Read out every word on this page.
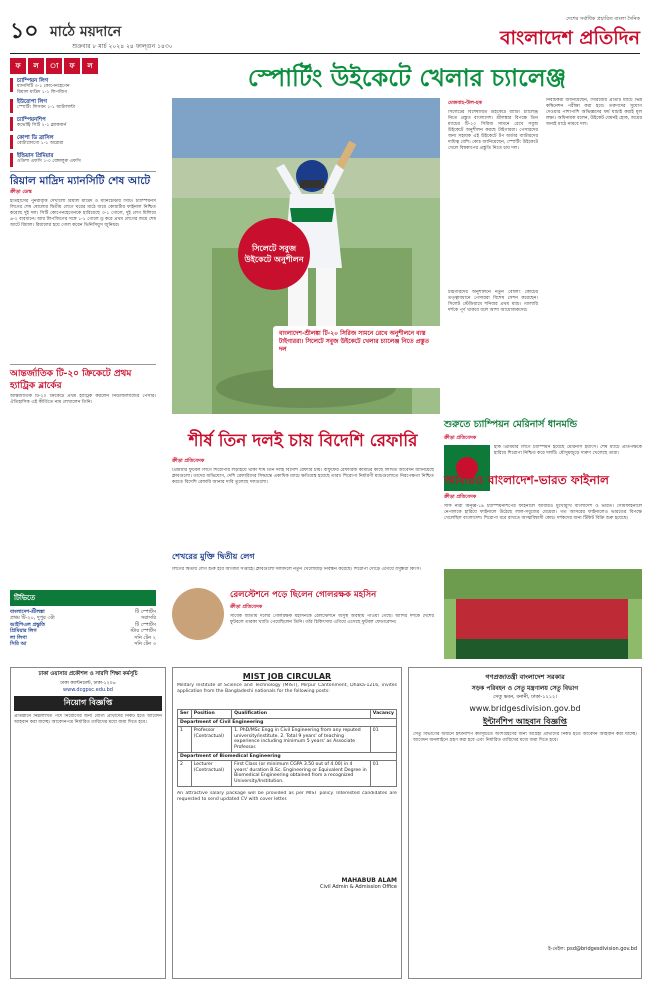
১০ মাঠে ময়দানে
শুক্রবার ৮ মার্চ ২০২৪ ২৪ ফাল্গুন ১৪৩০
দেশের সর্বাধিক প্রচারিত বাংলা দৈনিক
বাংলাদেশ প্রতিদিন
ফ	ল	া	ফ	ল
চ্যাম্পিয়ন লিগ
ম্যানসিটি ৩-১ কোপেনহেগেন
রিয়াল মাদ্রিদ ১-১ লিপজিগ
ইউরোপা লিগ
স্পোর্টিং লিসবন ১-১ আটালান্টা
চ্যাম্পিয়নশিপ
কভেন্ট্রি সিটি ২-১ ব্ল্যাকবার্ন
কোপা ডি ব্রাসিল
বোটাফোগো ১-১ অরোরা
ইন্ডিয়ান প্রিমিয়ার
ওডিশা এফসি ১-০ বেঙ্গালুরু এফসি
রিয়াল মাদ্রিদ ম্যানসিটি শেষ আটে
ক্রীড়া ডেস্ক
ইতিহাসের পুনরাবৃত্তি দেখালো রিয়াল মাদ্রিদ ও ম্যানচেস্টার সিটি। চ্যাম্পিয়নস লিগের শেষ ষোলোর দ্বিতীয় লেগে ঘরের মাঠে জয়ে কোয়ার্টার ফাইনাল নিশ্চিত করেছে দুই দল। সিটি কোপেনহেগেনকে হারিয়েছে ৩-১ গোলে, দুই লেগ মিলিয়ে ৬-২ ব্যবধানে। আর লিপজিগের সঙ্গে ১-১ গোলে ড্র করে প্রথম লেগের জয়ে শেষ আটে রিয়াল। রিয়ালের হয়ে গোল করেন ভিনিসিয়ুস জুনিয়র।
আন্তর্জাতিক টি-২০ ক্রিকেটে প্রথম হ্যাট্রিক ব্লার্কের
আন্তর্জাতিক টি-২০ ক্রিকেটে প্রথম হ্যাট্রিক করলেন নিউজিল্যান্ডের পেসার। ঐতিহাসিক এই কীর্তিতে নাম লেখালেন তিনি।
টিভিতে
বাংলাদেশ-শ্রীলঙ্কা	টি স্পোর্টস
প্রথম টি-২০, দুপুর ৩টা	সরাসরি
আইপিএল প্রস্তুতি	টি স্পোর্টস
প্রিমিয়ার লিগ	স্টার স্পোর্টস
লা লিগা	সনি টেন ২
সিরি আ	সনি টেন ৩
স্পোর্টিং উইকেটে খেলার চ্যালেঞ্জ
সিলেটে সবুজ উইকেটে অনুশীলন

বাংলাদেশ-শ্রীলঙ্কা টি-২০ সিরিজ সামনে রেখে অনুশীলনে ব্যস্ত টাইগাররা। সিলেটে সবুজ উইকেটে খেলার চ্যালেঞ্জ নিতে প্রস্তুত দল

মেজবাহ-উল-হক
সিলেটের বিশেষায়িত উইকেটে ব্যাটিং চ্যালেঞ্জ নিতে প্রস্তুত বাংলাদেশ। শ্রীলঙ্কার বিপক্ষে তিন ম্যাচের টি-২০ সিরিজ সামনে রেখে সবুজ উইকেটে অনুশীলন করছে টাইগাররা। পেসারদের জন্য সহায়ক এই উইকেটে টপ অর্ডার ব্যাটারদের দায়িত্ব বেশি। কোচ জানিয়েছেন, স্পোর্টিং উইকেটে খেলে বিশ্বকাপের প্রস্তুতি নিতে চায় দল।
নির্বাচকরা জানিয়েছেন, সিরিজের প্রতিটি ম্যাচে ভিন্ন কম্বিনেশন পরীক্ষা করা হবে। তরুণদের সুযোগ দেওয়ার পাশাপাশি অভিজ্ঞদের ফর্ম যাচাই করাই মূল লক্ষ্য। অধিনায়ক বলেন, উইকেট যেমনই হোক, জয়ের জন্যই মাঠে নামবে দল।
টাইগারদের অনুশীলনে নতুন বোলিং কোচের তত্ত্বাবধানে পেসাররা বিশেষ সেশন করেছেন। সিলেট স্টেডিয়ামে শনিবার প্রথম ম্যাচ। গ্যালারি দর্শকে পূর্ণ থাকবে বলে আশা আয়োজকদের।
শীর্ষ তিন দলই চায় বিদেশি রেফারি
ক্রীড়া প্রতিবেদক
প্রিমিয়ার ফুটবল লিগে শিরোপার লড়াইয়ে থাকা শীর্ষ তিন দলই বিদেশি রেফারি চায়। বাফুফের রেফারিজ কমিটির কাছে লিখিত আবেদন জানিয়েছে ক্লাবগুলো। তাদের অভিযোগ, দেশি রেফারিদের সিদ্ধান্তে একাধিক ম্যাচে ক্ষতিগ্রস্ত হয়েছে তারা। শিরোপা নির্ধারণী ম্যাচগুলোতে নিরপেক্ষতা নিশ্চিত করতে বিদেশি রেফারি আনার দাবি তুলেছে দলগুলো।
শেখরের মুক্তি দ্বিতীয় লেগ
লিগের দ্বিতীয় লেগ শুরু হবে আগামী সপ্তাহে। ক্লাবগুলো দলবদলে নতুন খেলোয়াড় নিবন্ধন করেছে। শিরোপা দৌড়ে এগিয়ে বসুন্ধরা কিংস।
রেলস্টেশনে পড়ে ছিলেন গোলরক্ষক মহসিন
ক্রীড়া প্রতিবেদক
সাবেক জাতীয় দলের গোলরক্ষক মহসিনকে রেলস্টেশনে অসুস্থ অবস্থায় পাওয়া গেছে। আশির দশকে দেশের ফুটবলে তারকা খ্যাতি পেয়েছিলেন তিনি। তাঁর চিকিৎসায় এগিয়ে এসেছে ফুটবল ফেডারেশন।
শুরুতে চ্যাম্পিয়ন মেরিনার্স ধানমন্ডি
ক্রীড়া প্রতিবেদক
হকি প্রিমিয়ার লিগে চ্যাম্পিয়ন হয়েছে মেরিনার্স ইয়াংস। শেষ ম্যাচে প্রতিপক্ষকে হারিয়ে শিরোপা নিশ্চিত করে দলটি। মৌসুমজুড়ে দারুণ খেলেছে তারা।
আবারও বাংলাদেশ-ভারত ফাইনাল
ক্রীড়া প্রতিবেদক
সাফ নারী অনূর্ধ্ব-১৯ চ্যাম্পিয়নশিপের ফাইনালে আবারও মুখোমুখি বাংলাদেশ ও ভারত। সেমিফাইনালে নেপালকে হারিয়ে ফাইনালে উঠেছে লাল-সবুজের মেয়েরা। গত আসরের ফাইনালেও ভারতের বিপক্ষে খেলেছিল বাংলাদেশ। শিরোপা ধরে রাখতে আত্মবিশ্বাসী কোচ। দর্শকদের জন্য টিকিট বিক্রি শুরু হয়েছে।
ঢাকা ওয়াসার প্রকৌশল ও সারণি শিক্ষা কর্মসূচি
ঢাকা ক্যান্টনমেন্ট, ঢাকা-১২০৬
www.dcgpsc.edu.bd
নিয়োগ বিজ্ঞপ্তি
প্রতিষ্ঠানে নিম্নলিখিত পদে নিয়োগের জন্য যোগ্য প্রার্থীদের নিকট হতে আবেদন আহবান করা যাচ্ছে। আবেদনপত্র নির্ধারিত তারিখের মধ্যে জমা দিতে হবে।
MIST JOB CIRCULAR
Military Institute of Science and Technology (MIST), Mirpur Cantonment, Dhaka-1216, invites application from the Bangladeshi nationals for the following posts:
Ser	Position	Qualification	Vacancy
Department of Civil Engineering			
1	Professor (Contractual)	1. PhD/MSc Engg in Civil Engineering from any reputed university/institute. 2. Total 9 years' of teaching experience including minimum 5 years' as Associate Professor.	01
Department of Biomedical Engineering			
2	Lecturer (Contractual)	First Class (or minimum CGPA 3.50 out of 4.00) in 4 years' duration B.Sc. Engineering or Equivalent Degree in Biomedical Engineering obtained from a recognized University/Institution.	01
An attractive salary package will be provided as per MIST policy. Interested candidates are requested to send updated CV with cover letter.
MAHABUB ALAM
Civil Admin & Admission Office
গণপ্রজাতন্ত্রী বাংলাদেশ সরকার
সড়ক পরিবহন ও সেতু মন্ত্রণালয় সেতু বিভাগ
সেতু ভবন, বনানী, ঢাকা-১২১২।
www.bridgesdivision.gov.bd
ইন্টার্নশিপ আহবান বিজ্ঞপ্তি
সেতু বিভাগের অধীনে ইন্টার্নশিপ কর্মসূচিতে অংশগ্রহণের জন্য আগ্রহী প্রার্থীদের নিকট হতে আবেদন আহবান করা যাচ্ছে। আবেদন অনলাইনে গ্রহণ করা হবে এবং নির্ধারিত তারিখের মধ্যে জমা দিতে হবে।
ই-মেইল: psd@bridgesdivision.gov.bd
